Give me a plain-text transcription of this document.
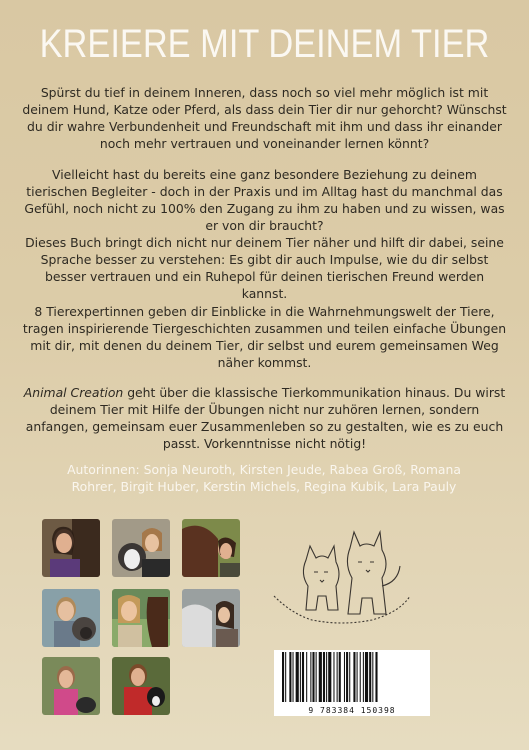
KREIERE MIT DEINEM TIER
Spürst du tief in deinem Inneren, dass noch so viel mehr möglich ist mit deinem Hund, Katze oder Pferd, als dass dein Tier dir nur gehorcht? Wünschst du dir wahre Verbundenheit und Freundschaft mit ihm und dass ihr einander noch mehr vertrauen und voneinander lernen könnt?
Vielleicht hast du bereits eine ganz besondere Beziehung zu deinem tierischen Begleiter - doch in der Praxis und im Alltag hast du manchmal das Gefühl, noch nicht zu 100% den Zugang zu ihm zu haben und zu wissen, was er von dir braucht?
Dieses Buch bringt dich nicht nur deinem Tier näher und hilft dir dabei, seine Sprache besser zu verstehen: Es gibt dir auch Impulse, wie du dir selbst besser vertrauen und ein Ruhepol für deinen tierischen Freund werden kannst.
8 Tierexpertinnen geben dir Einblicke in die Wahrnehmungswelt der Tiere, tragen inspirierende Tiergeschichten zusammen und teilen einfache Übungen mit dir, mit denen du deinem Tier, dir selbst und eurem gemeinsamen Weg näher kommst.
Animal Creation geht über die klassische Tierkommunikation hinaus. Du wirst deinem Tier mit Hilfe der Übungen nicht nur zuhören lernen, sondern anfangen, gemeinsam euer Zusammenleben so zu gestalten, wie es zu euch passt. Vorkenntnisse nicht nötig!
Autorinnen: Sonja Neuroth, Kirsten Jeude, Rabea Groß, Romana Rohrer, Birgit Huber, Kerstin Michels, Regina Kubik, Lara Pauly
9 783384 150398
